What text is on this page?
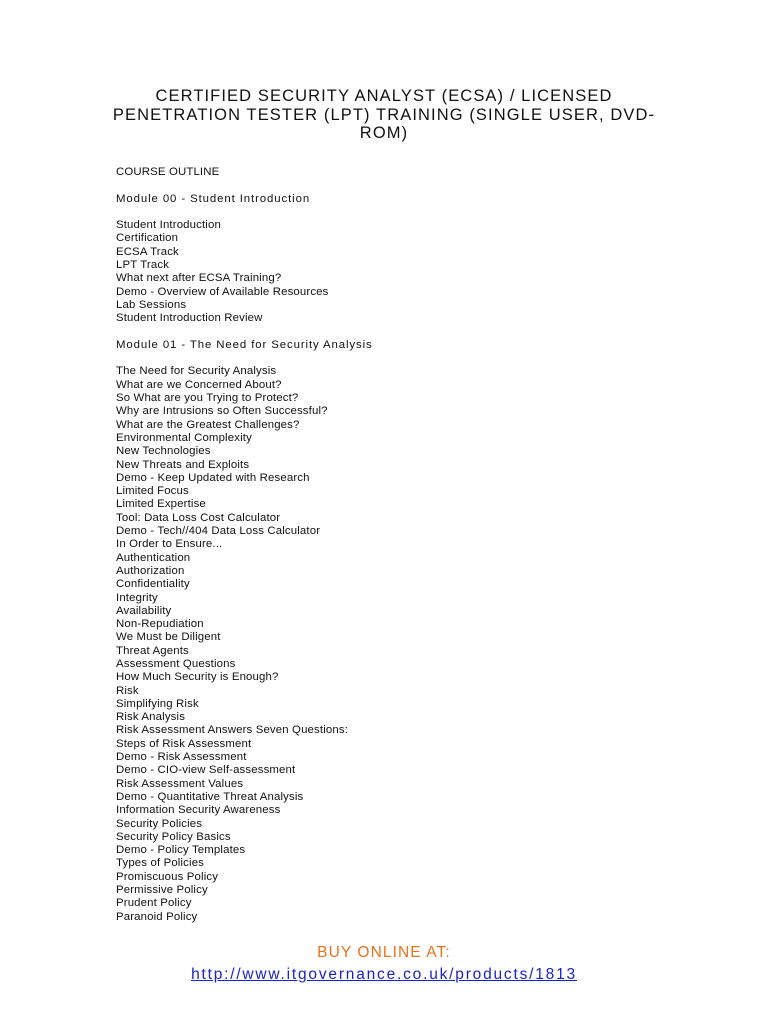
CERTIFIED SECURITY ANALYST (ECSA) / LICENSED PENETRATION TESTER (LPT) TRAINING (SINGLE USER, DVD-ROM)
COURSE OUTLINE
Module 00 - Student Introduction
Student Introduction
Certification
ECSA Track
LPT Track
What next after ECSA Training?
Demo - Overview of Available Resources
Lab Sessions
Student Introduction Review
Module 01 - The Need for Security Analysis
The Need for Security Analysis
What are we Concerned About?
So What are you Trying to Protect?
Why are Intrusions so Often Successful?
What are the Greatest Challenges?
Environmental Complexity
New Technologies
New Threats and Exploits
Demo - Keep Updated with Research
Limited Focus
Limited Expertise
Tool: Data Loss Cost Calculator
Demo - Tech//404 Data Loss Calculator
In Order to Ensure...
Authentication
Authorization
Confidentiality
Integrity
Availability
Non-Repudiation
We Must be Diligent
Threat Agents
Assessment Questions
How Much Security is Enough?
Risk
Simplifying Risk
Risk Analysis
Risk Assessment Answers Seven Questions:
Steps of Risk Assessment
Demo - Risk Assessment
Demo - CIO-view Self-assessment
Risk Assessment Values
Demo - Quantitative Threat Analysis
Information Security Awareness
Security Policies
Security Policy Basics
Demo - Policy Templates
Types of Policies
Promiscuous Policy
Permissive Policy
Prudent Policy
Paranoid Policy
BUY ONLINE AT:
http://www.itgovernance.co.uk/products/1813
